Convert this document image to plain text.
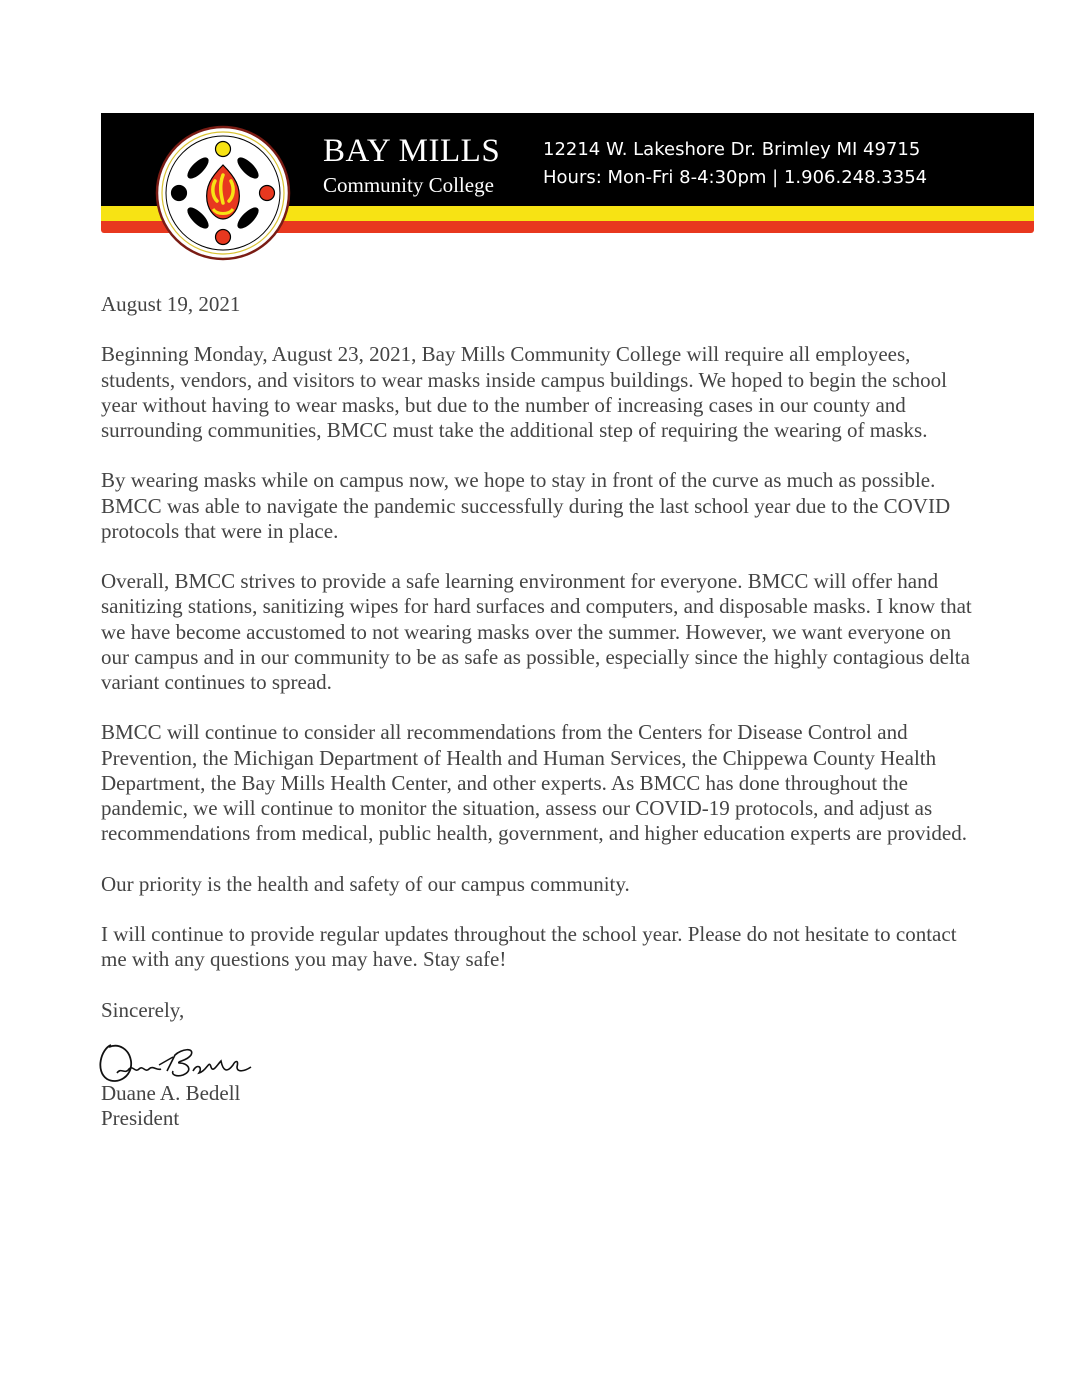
BAY MILLS
Community College
12214 W. Lakeshore Dr. Brimley MI 49715
Hours: Mon-Fri 8-4:30pm | 1.906.248.3354

August 19, 2021

Beginning Monday, August 23, 2021, Bay Mills Community College will require all employees, students, vendors, and visitors to wear masks inside campus buildings. We hoped to begin the school year without having to wear masks, but due to the number of increasing cases in our county and surrounding communities, BMCC must take the additional step of requiring the wearing of masks.

By wearing masks while on campus now, we hope to stay in front of the curve as much as possible. BMCC was able to navigate the pandemic successfully during the last school year due to the COVID protocols that were in place.

Overall, BMCC strives to provide a safe learning environment for everyone. BMCC will offer hand sanitizing stations, sanitizing wipes for hard surfaces and computers, and disposable masks. I know that we have become accustomed to not wearing masks over the summer. However, we want everyone on our campus and in our community to be as safe as possible, especially since the highly contagious delta variant continues to spread.

BMCC will continue to consider all recommendations from the Centers for Disease Control and Prevention, the Michigan Department of Health and Human Services, the Chippewa County Health Department, the Bay Mills Health Center, and other experts. As BMCC has done throughout the pandemic, we will continue to monitor the situation, assess our COVID-19 protocols, and adjust as recommendations from medical, public health, government, and higher education experts are provided.

Our priority is the health and safety of our campus community.

I will continue to provide regular updates throughout the school year. Please do not hesitate to contact me with any questions you may have. Stay safe!

Sincerely,

Duane A. Bedell
President
